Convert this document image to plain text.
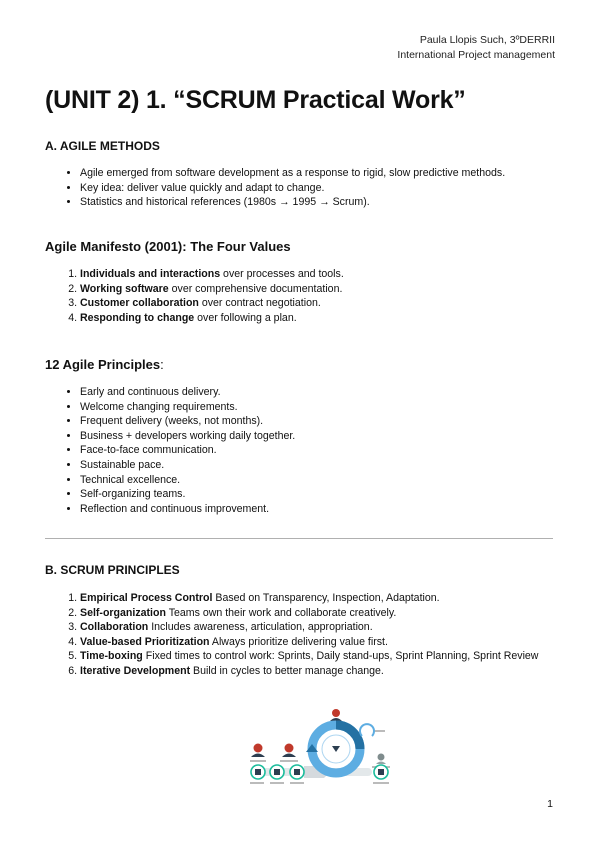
Paula Llopis Such, 3ºDERRII
International Project management
(UNIT 2) 1. “SCRUM Practical Work”
A. AGILE METHODS
• Agile emerged from software development as a response to rigid, slow predictive methods.
• Key idea: deliver value quickly and adapt to change.
• Statistics and historical references (1980s → 1995 → Scrum).
Agile Manifesto (2001): The Four Values
1. Individuals and interactions over processes and tools.
2. Working software over comprehensive documentation.
3. Customer collaboration over contract negotiation.
4. Responding to change over following a plan.
12 Agile Principles:
• Early and continuous delivery.
• Welcome changing requirements.
• Frequent delivery (weeks, not months).
• Business + developers working daily together.
• Face-to-face communication.
• Sustainable pace.
• Technical excellence.
• Self-organizing teams.
• Reflection and continuous improvement.
B. SCRUM PRINCIPLES
1. Empirical Process Control Based on Transparency, Inspection, Adaptation.
2. Self-organization Teams own their work and collaborate creatively.
3. Collaboration Includes awareness, articulation, appropriation.
4. Value-based Prioritization Always prioritize delivering value first.
5. Time-boxing Fixed times to control work: Sprints, Daily stand-ups, Sprint Planning, Sprint Review
6. Iterative Development Build in cycles to better manage change.
1
